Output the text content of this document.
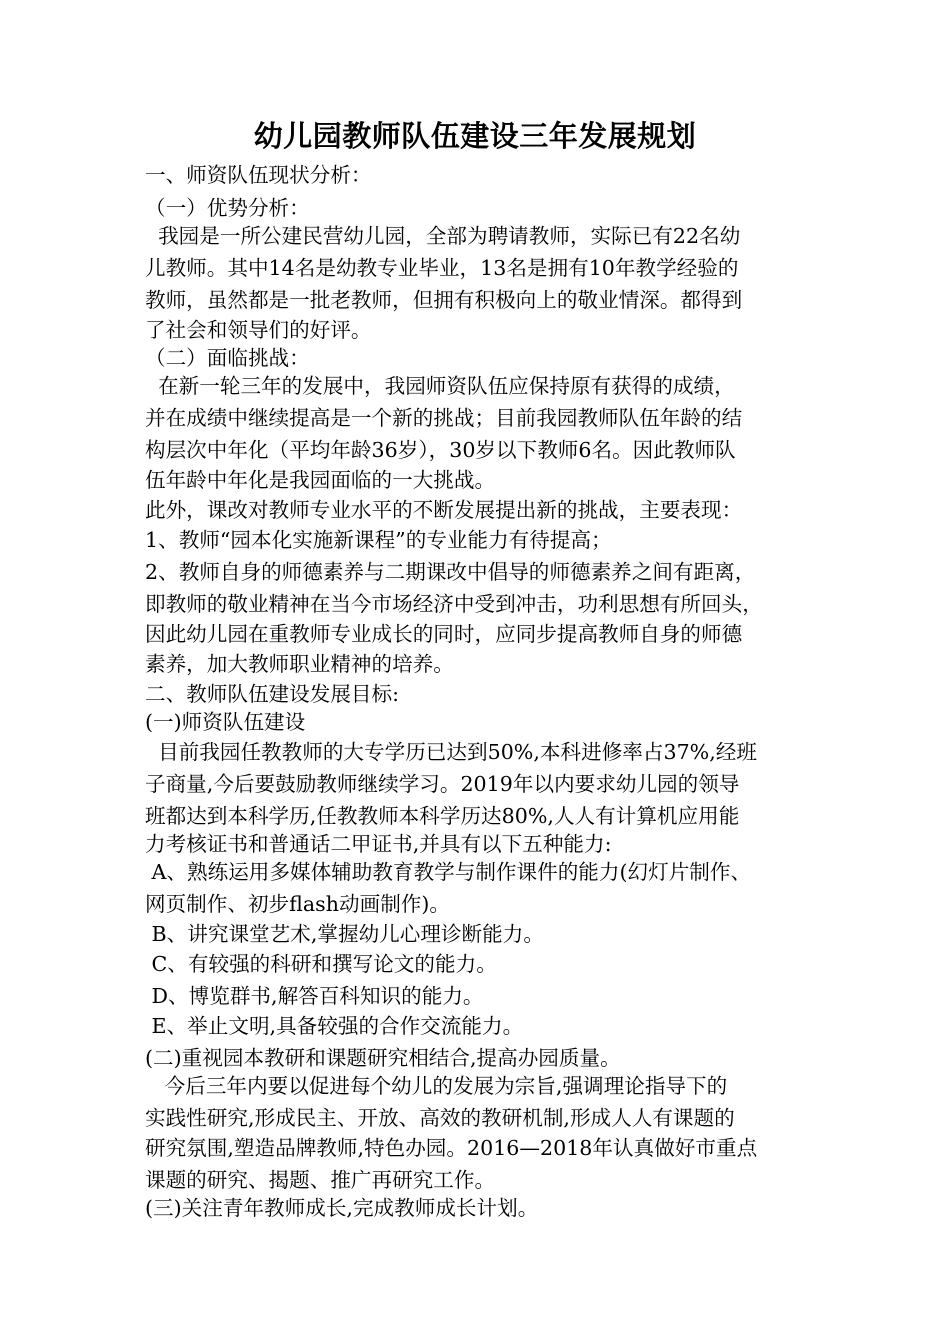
幼儿园教师队伍建设三年发展规划
一、师资队伍现状分析：
（一）优势分析：
我园是一所公建民营幼儿园，全部为聘请教师，实际已有22名幼
儿教师。其中14名是幼教专业毕业，13名是拥有10年教学经验的
教师，虽然都是一批老教师，但拥有积极向上的敬业情深。都得到
了社会和领导们的好评。
（二）面临挑战：
在新一轮三年的发展中，我园师资队伍应保持原有获得的成绩，
并在成绩中继续提高是一个新的挑战；目前我园教师队伍年龄的结
构层次中年化（平均年龄36岁），30岁以下教师6名。因此教师队
伍年龄中年化是我园面临的一大挑战。
此外，课改对教师专业水平的不断发展提出新的挑战，主要表现：
1、教师“园本化实施新课程”的专业能力有待提高；
2、教师自身的师德素养与二期课改中倡导的师德素养之间有距离，
即教师的敬业精神在当今市场经济中受到冲击，功利思想有所回头，
因此幼儿园在重教师专业成长的同时，应同步提高教师自身的师德
素养，加大教师职业精神的培养。
二、教师队伍建设发展目标:
(一)师资队伍建设
目前我园任教教师的大专学历已达到50%,本科进修率占37%,经班
子商量,今后要鼓励教师继续学习。2019年以内要求幼儿园的领导
班都达到本科学历,任教教师本科学历达80%,人人有计算机应用能
力考核证书和普通话二甲证书,并具有以下五种能力:
A、熟练运用多媒体辅助教育教学与制作课件的能力(幻灯片制作、
网页制作、初步flash动画制作)。
B、讲究课堂艺术,掌握幼儿心理诊断能力。
C、有较强的科研和撰写论文的能力。
D、博览群书,解答百科知识的能力。
E、举止文明,具备较强的合作交流能力。
(二)重视园本教研和课题研究相结合,提高办园质量。
今后三年内要以促进每个幼儿的发展为宗旨,强调理论指导下的
实践性研究,形成民主、开放、高效的教研机制,形成人人有课题的
研究氛围,塑造品牌教师,特色办园。2016—2018年认真做好市重点
课题的研究、揭题、推广再研究工作。
(三)关注青年教师成长,完成教师成长计划。
